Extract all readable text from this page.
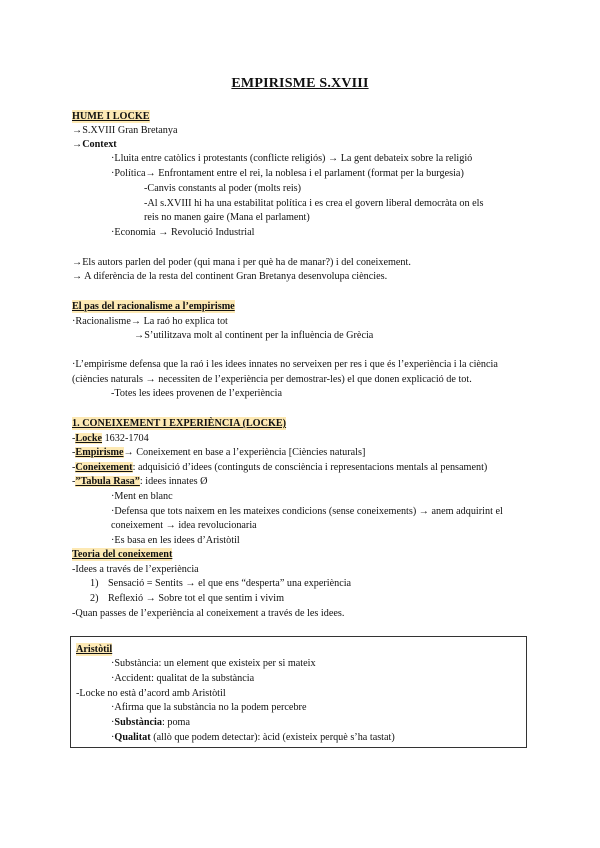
EMPIRISME S.XVIII
HUME I LOCKE
→S.XVIII Gran Bretanya
→Context
·Lluita entre catòlics i protestants (conflicte religiós) → La gent debateix sobre la religió
·Política→ Enfrontament entre el rei, la noblesa i el parlament (format per la burgesia)
-Canvis constants al poder (molts reis)
-Al s.XVIII hi ha una estabilitat política i es crea el govern liberal democràta on els
reis no manen gaire (Mana el parlament)
·Economia → Revolució Industrial
→Els autors parlen del poder (qui mana i per què ha de manar?) i del coneixement.
→ A diferència de la resta del continent Gran Bretanya desenvolupa ciències.
El pas del racionalisme a l’empirisme
·Racionalisme→ La raó ho explica tot
→S’utilitzava molt al continent per la influència de Grècia
·L’empirisme defensa que la raó i les idees innates no serveixen per res i que és l’experiència i la ciència
(ciències naturals → necessiten de l’experiència per demostrar-les) el que donen explicació de tot.
-Totes les idees provenen de l’experiència
1. CONEIXEMENT I EXPERIÈNCIA (LOCKE)
-Locke 1632-1704
-Empirisme→ Coneixement en base a l’experiència [Ciències naturals]
-Coneixement: adquisició d’idees (continguts de consciència i representacions mentals al pensament)
-”Tabula Rasa”: idees innates Ø
·Ment en blanc
·Defensa que tots naixem en les mateixes condicions (sense coneixements) → anem adquirint el
coneixement → idea revolucionaria
·Es basa en les idees d’Aristòtil
Teoria del coneixement
-Idees a través de l’experiència
1) Sensació = Sentits → el que ens “desperta” una experiència
2) Reflexió → Sobre tot el que sentim i vivim
-Quan passes de l’experiència al coneixement a través de les idees.
Aristòtil
·Substància: un element que existeix per si mateix
·Accident: qualitat de la substància
-Locke no està d’acord amb Aristòtil
·Afirma que la substància no la podem percebre
·Substància: poma
·Qualitat (allò que podem detectar): àcid (existeix perquè s’ha tastat)
